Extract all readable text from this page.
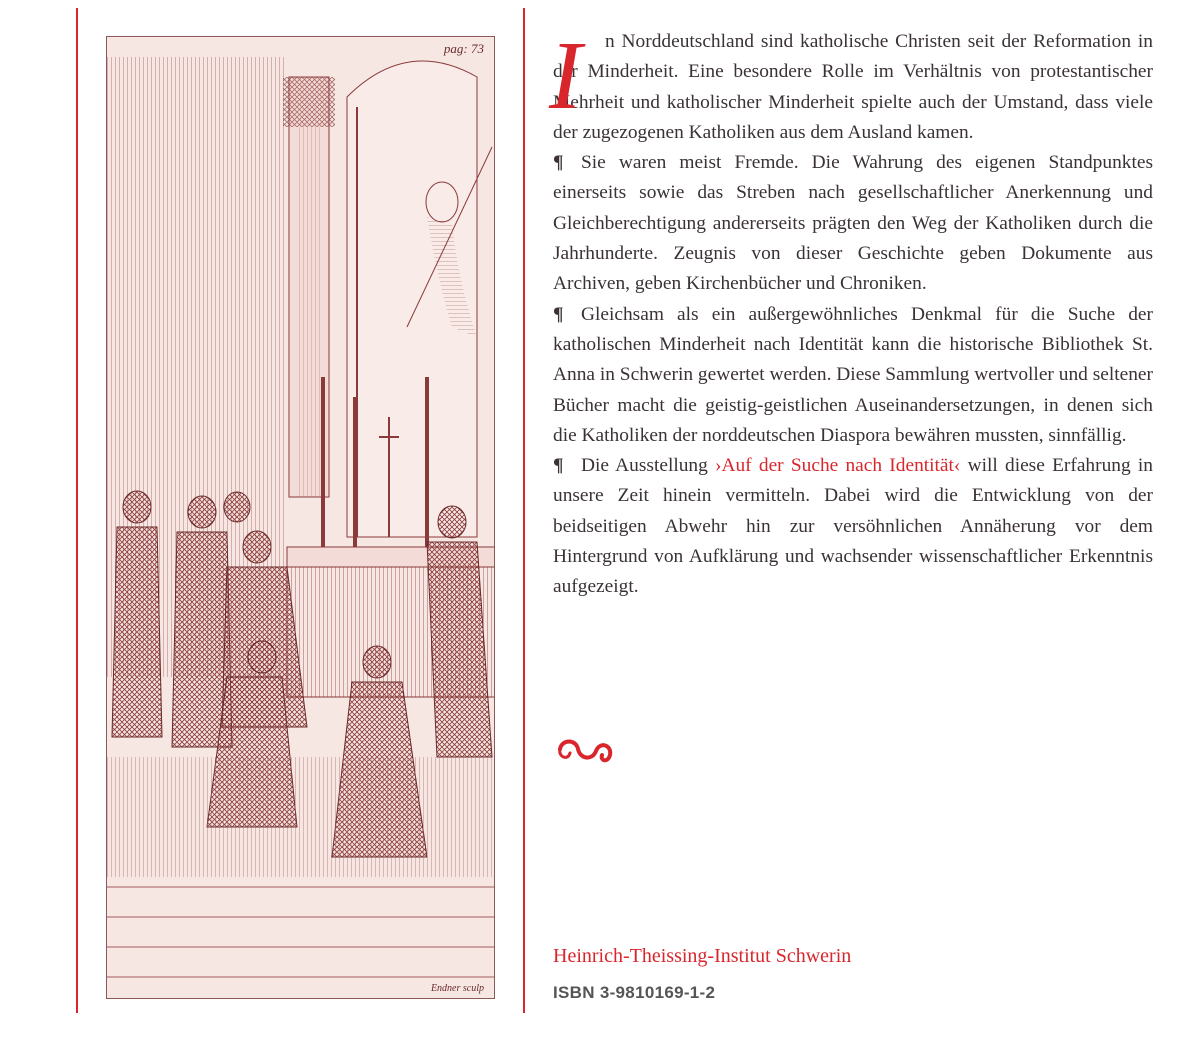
pag: 73
Endner sculp
I	n Norddeutschland sind katholische Christen seit der Reformation in der Minderheit. Eine besondere Rolle im Verhältnis von protestantischer Mehrheit und katholischer Minderheit spielte auch der Umstand, dass viele der zugezogenen Katholiken aus dem Ausland kamen.

¶ Sie waren meist Fremde. Die Wahrung des eigenen Standpunktes einerseits sowie das Streben nach gesellschaftlicher Anerkennung und Gleichberechtigung andererseits prägten den Weg der Katholiken durch die Jahrhunderte. Zeugnis von dieser Geschichte geben Dokumente aus Archiven, geben Kirchenbücher und Chroniken.

¶ Gleichsam als ein außergewöhnliches Denkmal für die Suche der katholischen Minderheit nach Identität kann die historische Bibliothek St. Anna in Schwerin gewertet werden. Diese Sammlung wertvoller und seltener Bücher macht die geistig-geistlichen Auseinandersetzungen, in denen sich die Katholiken der norddeutschen Diaspora bewähren mussten, sinnfällig.

¶ Die Ausstellung ›Auf der Suche nach Identität‹ will diese Erfahrung in unsere Zeit hinein vermitteln. Dabei wird die Entwicklung von der beidseitigen Abwehr hin zur versöhnlichen Annäherung vor dem Hintergrund von Aufklärung und wachsender wissenschaftlicher Erkenntnis aufgezeigt.

Heinrich-Theissing-Institut Schwerin
ISBN 3-9810169-1-2
